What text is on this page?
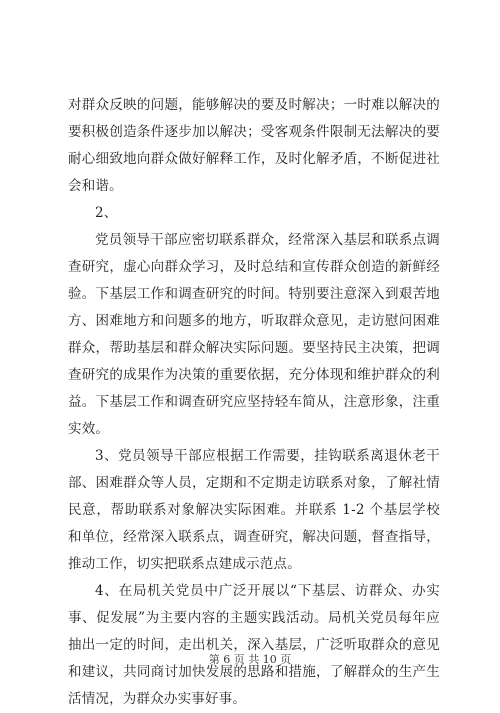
对群众反映的问题，能够解决的要及时解决；一时难以解决的要积极创造条件逐步加以解决；受客观条件限制无法解决的要耐心细致地向群众做好解释工作，及时化解矛盾，不断促进社会和谐。

2、

党员领导干部应密切联系群众，经常深入基层和联系点调查研究，虚心向群众学习，及时总结和宣传群众创造的新鲜经验。下基层工作和调查研究的时间。特别要注意深入到艰苦地方、困难地方和问题多的地方，听取群众意见，走访慰问困难群众，帮助基层和群众解决实际问题。要坚持民主决策，把调查研究的成果作为决策的重要依据，充分体现和维护群众的利益。下基层工作和调查研究应坚持轻车简从，注意形象，注重实效。

3、党员领导干部应根据工作需要，挂钩联系离退休老干部、困难群众等人员，定期和不定期走访联系对象，了解社情民意，帮助联系对象解决实际困难。并联系 1-2 个基层学校和单位，经常深入联系点，调查研究，解决问题，督查指导，推动工作，切实把联系点建成示范点。

4、在局机关党员中广泛开展以“下基层、访群众、办实事、促发展”为主要内容的主题实践活动。局机关党员每年应抽出一定的时间，走出机关，深入基层，广泛听取群众的意见和建议，共同商讨加快发展的思路和措施，了解群众的生产生活情况，为群众办实事好事。

第 6 页 共 10 页
